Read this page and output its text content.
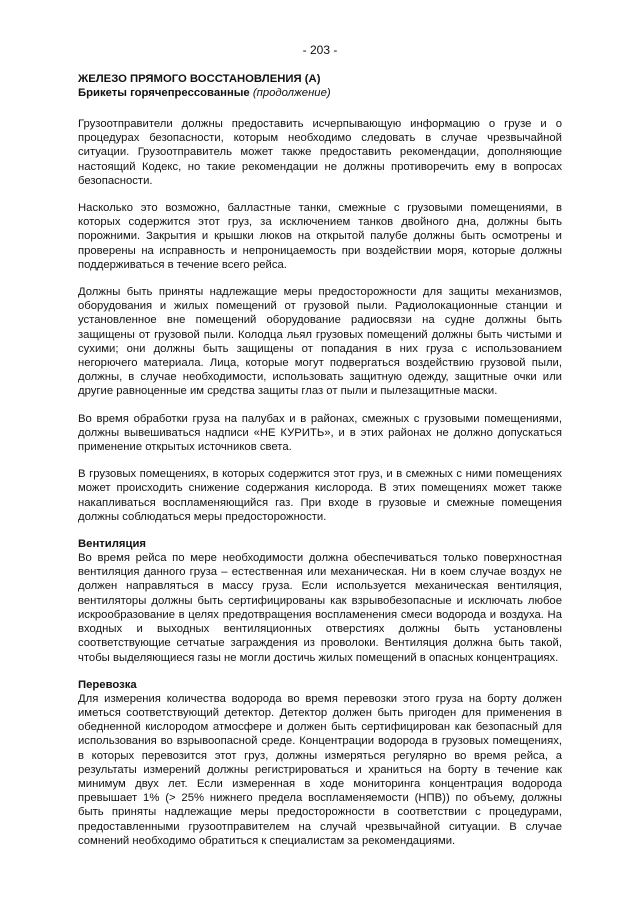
- 203 -
ЖЕЛЕЗО ПРЯМОГО ВОССТАНОВЛЕНИЯ (A)
Брикеты горячепрессованные (продолжение)

Грузоотправители должны предоставить исчерпывающую информацию о грузе и о процедурах безопасности, которым необходимо следовать в случае чрезвычайной ситуации. Грузоотправитель может также предоставить рекомендации, дополняющие настоящий Кодекс, но такие рекомендации не должны противоречить ему в вопросах безопасности.

Насколько это возможно, балластные танки, смежные с грузовыми помещениями, в которых содержится этот груз, за исключением танков двойного дна, должны быть порожними. Закрытия и крышки люков на открытой палубе должны быть осмотрены и проверены на исправность и непроницаемость при воздействии моря, которые должны поддерживаться в течение всего рейса.

Должны быть приняты надлежащие меры предосторожности для защиты механизмов, оборудования и жилых помещений от грузовой пыли. Радиолокационные станции и установленное вне помещений оборудование радиосвязи на судне должны быть защищены от грузовой пыли. Колодца льял грузовых помещений должны быть чистыми и сухими; они должны быть защищены от попадания в них груза с использованием негорючего материала. Лица, которые могут подвергаться воздействию грузовой пыли, должны, в случае необходимости, использовать защитную одежду, защитные очки или другие равноценные им средства защиты глаз от пыли и пылезащитные маски.

Во время обработки груза на палубах и в районах, смежных с грузовыми помещениями, должны вывешиваться надписи «НЕ КУРИТЬ», и в этих районах не должно допускаться применение открытых источников света.

В грузовых помещениях, в которых содержится этот груз, и в смежных с ними помещениях может происходить снижение содержания кислорода. В этих помещениях может также накапливаться воспламеняющийся газ. При входе в грузовые и смежные помещения должны соблюдаться меры предосторожности.

Вентиляция

Во время рейса по мере необходимости должна обеспечиваться только поверхностная вентиляция данного груза – естественная или механическая. Ни в коем случае воздух не должен направляться в массу груза. Если используется механическая вентиляция, вентиляторы должны быть сертифицированы как взрывобезопасные и исключать любое искрообразование в целях предотвращения воспламенения смеси водорода и воздуха. На входных и выходных вентиляционных отверстиях должны быть установлены соответствующие сетчатые заграждения из проволоки. Вентиляция должна быть такой, чтобы выделяющиеся газы не могли достичь жилых помещений в опасных концентрациях.

Перевозка

Для измерения количества водорода во время перевозки этого груза на борту должен иметься соответствующий детектор. Детектор должен быть пригоден для применения в обедненной кислородом атмосфере и должен быть сертифицирован как безопасный для использования во взрывоопасной среде. Концентрации водорода в грузовых помещениях, в которых перевозится этот груз, должны измеряться регулярно во время рейса, а результаты измерений должны регистрироваться и храниться на борту в течение как минимум двух лет. Если измеренная в ходе мониторинга концентрация водорода превышает 1% (> 25% нижнего предела воспламеняемости (НПВ)) по объему, должны быть приняты надлежащие меры предосторожности в соответствии с процедурами, предоставленными грузоотправителем на случай чрезвычайной ситуации. В случае сомнений необходимо обратиться к специалистам за рекомендациями.
